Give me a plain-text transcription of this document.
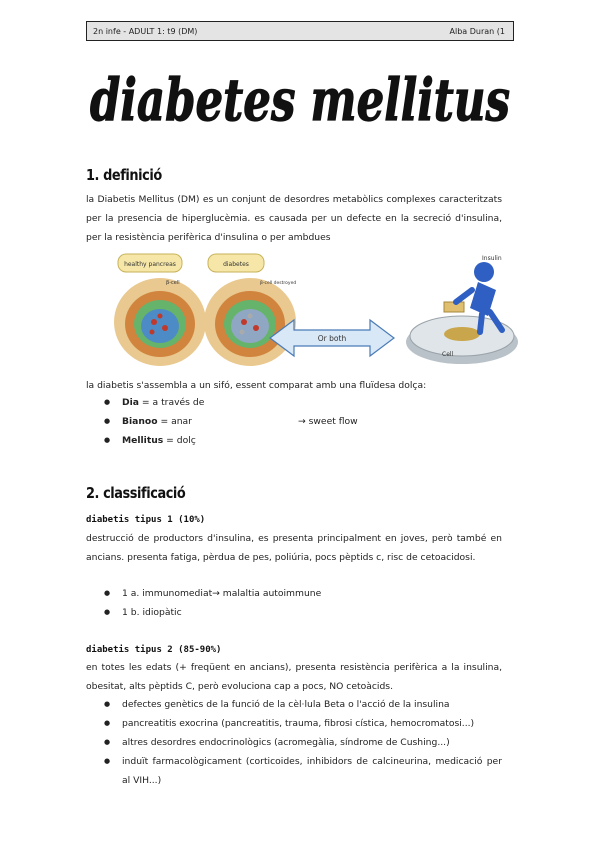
2n infe - ADULT 1: t9 (DM)	Alba Duran (1
diabetes mellitus
1. definició
la Diabetis Mellitus (DM) es un conjunt de desordres metabòlics complexes caracteritzats per la presencia de hiperglucèmia. es causada per un defecte en la secreció d'insulina, per la resistència perifèrica d'insulina o per ambdues
healthy pancreas
β-cell
diabetes
β-cell destroyed
Or both
Insulin
Cell
la diabetis s'assembla a un sifó, essent comparat amb una fluïdesa dolça:
● Dia = a través de
● Bianoo = anar	→ sweet flow
● Mellitus = dolç
2. classificació
diabetis tipus 1 (10%)
destrucció de productors d'insulina, es presenta principalment en joves, però també en ancians. presenta fatiga, pèrdua de pes, poliúria, pocs pèptids c, risc de cetoacidosi.
● 1 a. immunomediat→ malaltia autoimmune
● 1 b. idiopàtic
diabetis tipus 2 (85-90%)
en totes les edats (+ freqüent en ancians), presenta resistència perifèrica a la insulina, obesitat, alts pèptids C, però evoluciona cap a pocs, NO cetoàcids.
● defectes genètics de la funció de la cèl·lula Beta o l'acció de la insulina
● pancreatitis exocrina (pancreatitis, trauma, fibrosi cística, hemocromatosi...)
● altres desordres endocrinològics (acromegàlia, síndrome de Cushing...)
● induït farmacològicament (corticoides, inhibidors de calcineurina, medicació per al VIH...)
